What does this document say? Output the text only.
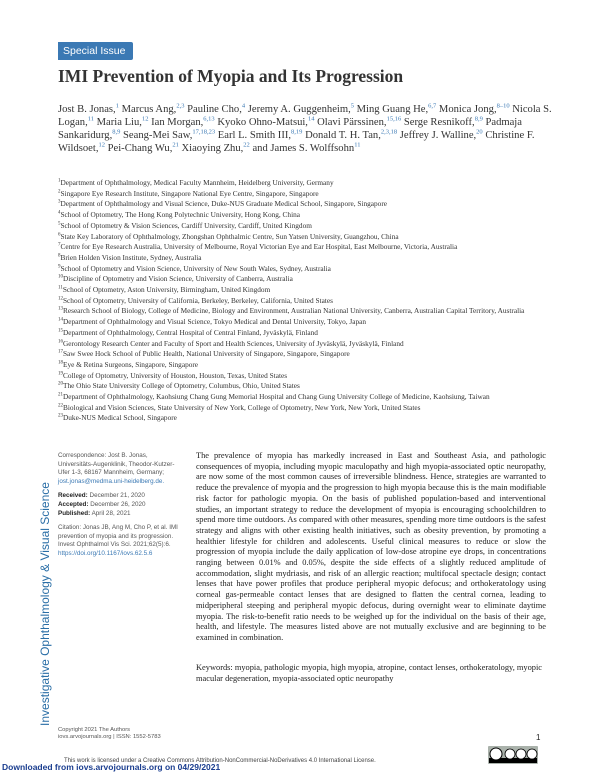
Investigative Ophthalmology & Visual Science
Special Issue
IMI Prevention of Myopia and Its Progression
Jost B. Jonas,$^1$ Marcus Ang,$^{2,3}$ Pauline Cho,$^4$ Jeremy A. Guggenheim,$^5$ Ming Guang He,$^{6,7}$ Monica Jong,$^{8-10}$ Nicola S. Logan,$^{11}$ Maria Liu,$^{12}$ Ian Morgan,$^{6,13}$ Kyoko Ohno-Matsui,$^{14}$ Olavi Pärssinen,$^{15,16}$ Serge Resnikoff,$^{8,9}$ Padmaja Sankaridurg,$^{8,9}$ Seang-Mei Saw,$^{17,18,23}$ Earl L. Smith III,$^{8,19}$ Donald T. H. Tan,$^{2,3,18}$ Jeffrey J. Walline,$^{20}$ Christine F. Wildsoet,$^{12}$ Pei-Chang Wu,$^{21}$ Xiaoying Zhu,$^{22}$ and James S. Wolffsohn$^{11}$
$^1$Department of Ophthalmology, Medical Faculty Mannheim, Heidelberg University, Germany
$^2$Singapore Eye Research Institute, Singapore National Eye Centre, Singapore, Singapore
$^3$Department of Ophthalmology and Visual Science, Duke-NUS Graduate Medical School, Singapore, Singapore
$^4$School of Optometry, The Hong Kong Polytechnic University, Hong Kong, China
$^5$School of Optometry & Vision Sciences, Cardiff University, Cardiff, United Kingdom
$^6$State Key Laboratory of Ophthalmology, Zhongshan Ophthalmic Centre, Sun Yatsen University, Guangzhou, China
$^7$Centre for Eye Research Australia, University of Melbourne, Royal Victorian Eye and Ear Hospital, East Melbourne, Victoria, Australia
$^8$Brien Holden Vision Institute, Sydney, Australia
$^9$School of Optometry and Vision Science, University of New South Wales, Sydney, Australia
$^{10}$Discipline of Optometry and Vision Science, University of Canberra, Australia
$^{11}$School of Optometry, Aston University, Birmingham, United Kingdom
$^{12}$School of Optometry, University of California, Berkeley, Berkeley, California, United States
$^{13}$Research School of Biology, College of Medicine, Biology and Environment, Australian National University, Canberra, Australian Capital Territory, Australia
$^{14}$Department of Ophthalmology and Visual Science, Tokyo Medical and Dental University, Tokyo, Japan
$^{15}$Department of Ophthalmology, Central Hospital of Central Finland, Jyväskylä, Finland
$^{16}$Gerontology Research Center and Faculty of Sport and Health Sciences, University of Jyväskylä, Jyväskylä, Finland
$^{17}$Saw Swee Hock School of Public Health, National University of Singapore, Singapore, Singapore
$^{18}$Eye & Retina Surgeons, Singapore, Singapore
$^{19}$College of Optometry, University of Houston, Houston, Texas, United States
$^{20}$The Ohio State University College of Optometry, Columbus, Ohio, United States
$^{21}$Department of Ophthalmology, Kaohsiung Chang Gung Memorial Hospital and Chang Gung University College of Medicine, Kaohsiung, Taiwan
$^{22}$Biological and Vision Sciences, State University of New York, College of Optometry, New York, New York, United States
$^{23}$Duke-NUS Medical School, Singapore
Correspondence: Jost B. Jonas, Universitäts-Augenklinik, Theodor-Kutzer-Ufer 1-3, 68167 Mannheim, Germany; jost.jonas@medma.uni-heidelberg.de.
Received: December 21, 2020
Accepted: December 26, 2020
Published: April 28, 2021
Citation: Jonas JB, Ang M, Cho P, et al. IMI prevention of myopia and its progression. Invest Ophthalmol Vis Sci. 2021;62(5):6. https://doi.org/10.1167/iovs.62.5.6
The prevalence of myopia has markedly increased in East and Southeast Asia, and pathologic consequences of myopia, including myopic maculopathy and high myopia-associated optic neuropathy, are now some of the most common causes of irreversible blindness. Hence, strategies are warranted to reduce the prevalence of myopia and the progression to high myopia because this is the main modifiable risk factor for pathologic myopia. On the basis of published population-based and interventional studies, an important strategy to reduce the development of myopia is encouraging schoolchildren to spend more time outdoors. As compared with other measures, spending more time outdoors is the safest strategy and aligns with other existing health initiatives, such as obesity prevention, by promoting a healthier lifestyle for children and adolescents. Useful clinical measures to reduce or slow the progression of myopia include the daily application of low-dose atropine eye drops, in concentrations ranging between 0.01% and 0.05%, despite the side effects of a slightly reduced amplitude of accommodation, slight mydriasis, and risk of an allergic reaction; multifocal spectacle design; contact lenses that have power profiles that produce peripheral myopic defocus; and orthokeratology using corneal gas-permeable contact lenses that are designed to flatten the central cornea, leading to midperipheral steeping and peripheral myopic defocus, during overnight wear to eliminate daytime myopia. The risk-to-benefit ratio needs to be weighed up for the individual on the basis of their age, health, and lifestyle. The measures listed above are not mutually exclusive and are beginning to be examined in combination.
Keywords: myopia, pathologic myopia, high myopia, atropine, contact lenses, orthokeratology, myopic macular degeneration, myopia-associated optic neuropathy
Copyright 2021 The Authors
iovs.arvojournals.org | ISSN: 1552-5783	1
This work is licensed under a Creative Commons Attribution-NonCommercial-NoDerivatives 4.0 International License.
Downloaded from iovs.arvojournals.org on 04/29/2021
